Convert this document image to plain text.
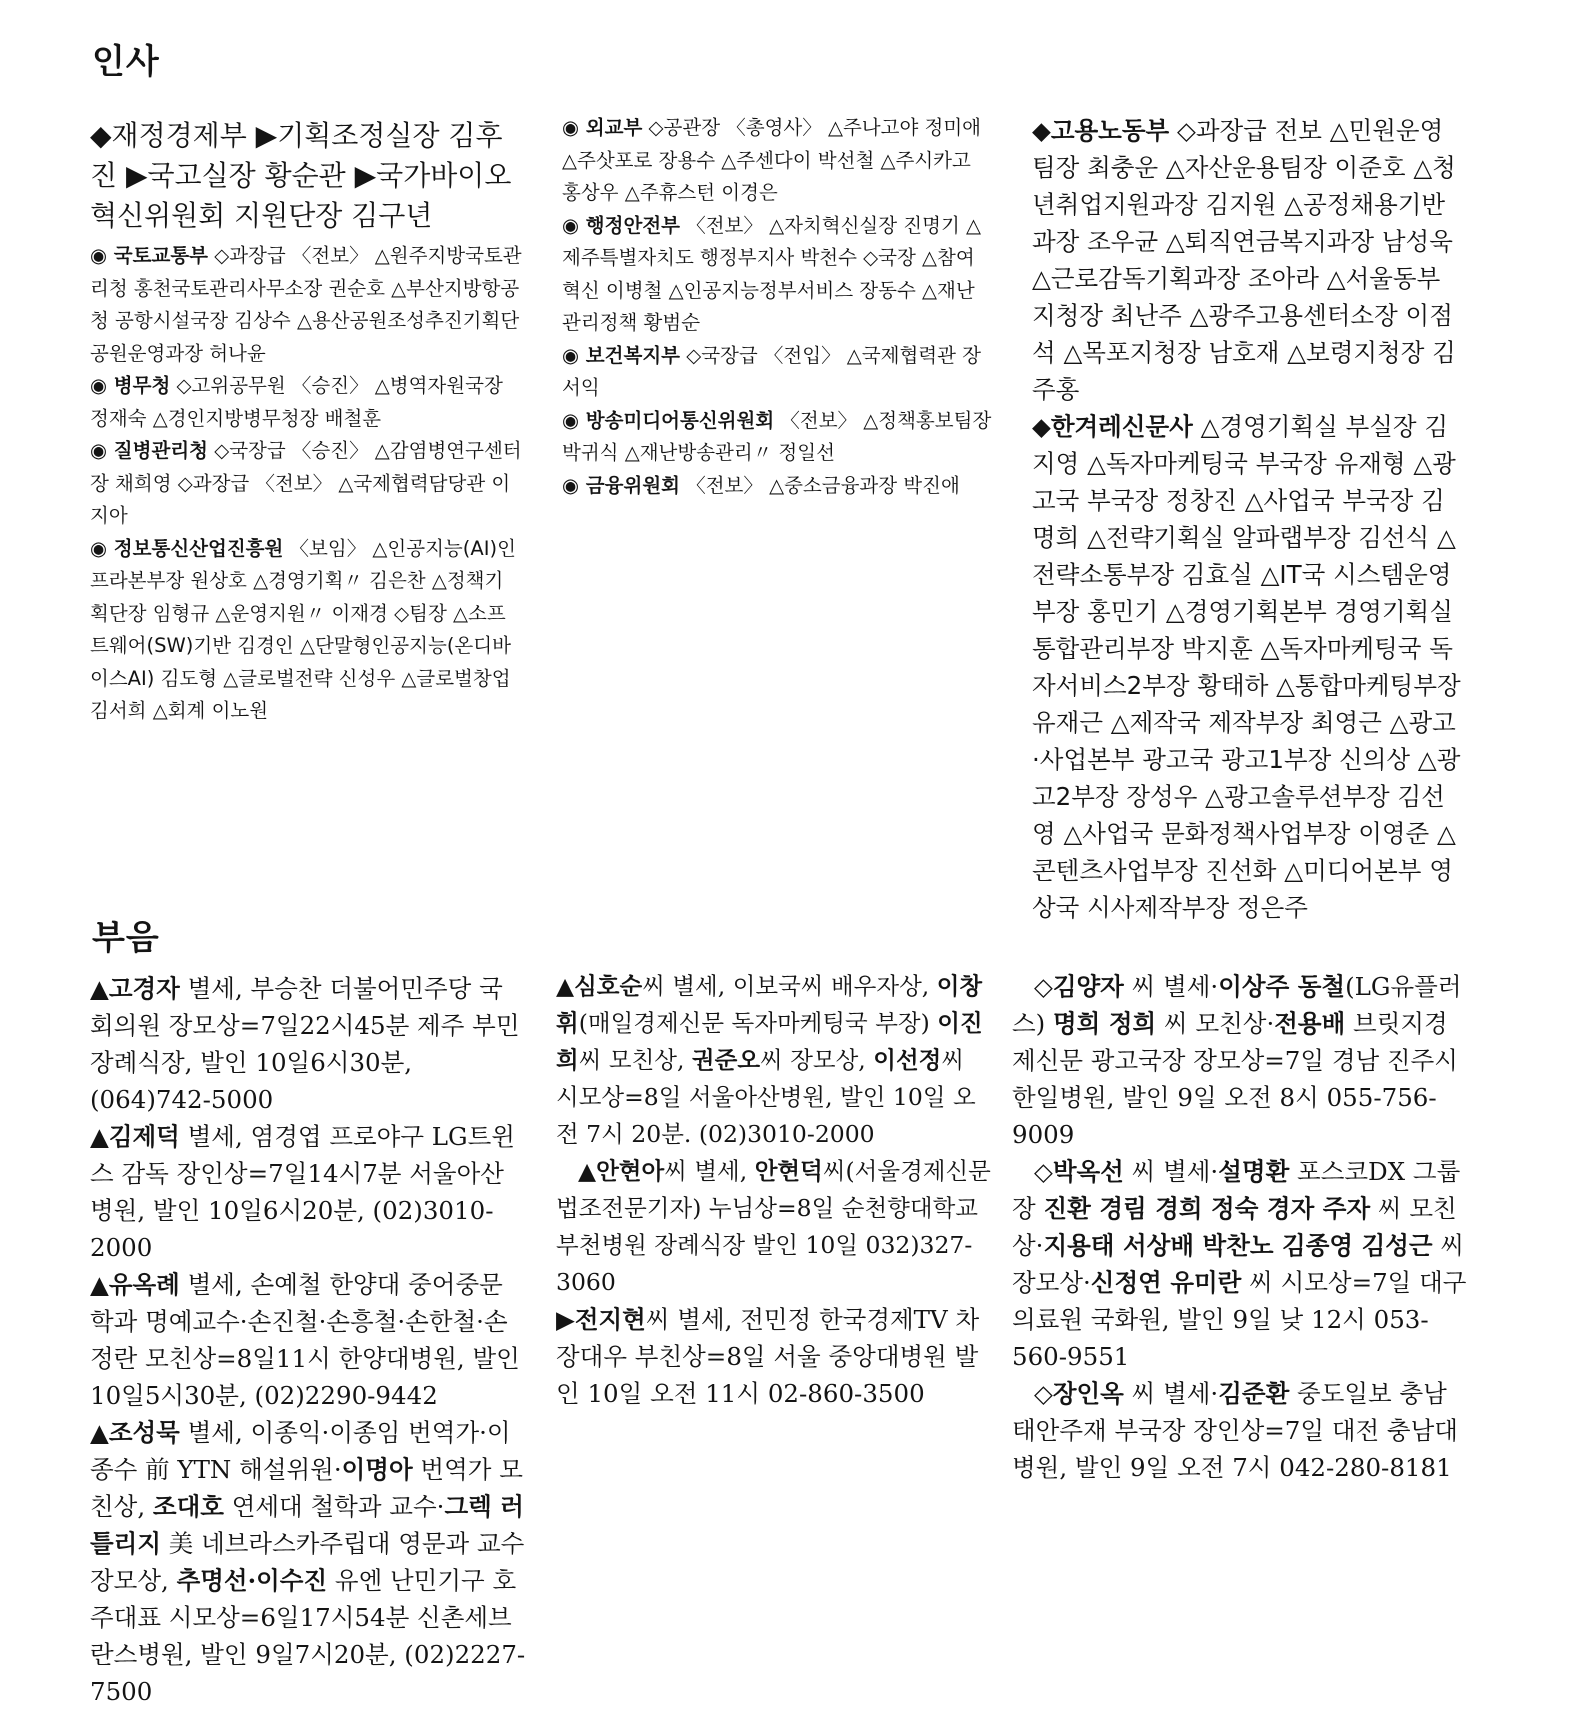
인사

◆재정경제부 ▶기획조정실장 김후진 ▶국고실장 황순관 ▶국가바이오혁신위원회 지원단장 김구년

◉ 국토교통부 ◇과장급 〈전보〉 △원주지방국토관리청 홍천국토관리사무소장 권순호 △부산지방항공청 공항시설국장 김상수 △용산공원조성추진기획단 공원운영과장 허나윤

◉ 병무청 ◇고위공무원 〈승진〉 △병역자원국장 정재숙 △경인지방병무청장 배철훈

◉ 질병관리청 ◇국장급 〈승진〉 △감염병연구센터장 채희영 ◇과장급 〈전보〉 △국제협력담당관 이지아

◉ 정보통신산업진흥원 〈보임〉 △인공지능(AI)인프라본부장 원상호 △경영기획〃 김은찬 △정책기획단장 임형규 △운영지원〃 이재경 ◇팀장 △소프트웨어(SW)기반 김경인 △단말형인공지능(온디바이스AI) 김도형 △글로벌전략 신성우 △글로벌창업 김서희 △회계 이노원

◉ 외교부 ◇공관장 〈총영사〉 △주나고야 정미애 △주삿포로 장용수 △주센다이 박선철 △주시카고 홍상우 △주휴스턴 이경은

◉ 행정안전부 〈전보〉 △자치혁신실장 진명기 △제주특별자치도 행정부지사 박천수 ◇국장 △참여혁신 이병철 △인공지능정부서비스 장동수 △재난관리정책 황범순

◉ 보건복지부 ◇국장급 〈전입〉 △국제협력관 장서익

◉ 방송미디어통신위원회 〈전보〉 △정책홍보팀장 박귀식 △재난방송관리〃 정일선

◉ 금융위원회 〈전보〉 △중소금융과장 박진애

◆고용노동부 ◇과장급 전보 △민원운영팀장 최충운 △자산운용팀장 이준호 △청년취업지원과장 김지원 △공정채용기반과장 조우균 △퇴직연금복지과장 남성욱 △근로감독기획과장 조아라 △서울동부지청장 최난주 △광주고용센터소장 이점석 △목포지청장 남호재 △보령지청장 김주홍

◆한겨레신문사 △경영기획실 부실장 김지영 △독자마케팅국 부국장 유재형 △광고국 부국장 정창진 △사업국 부국장 김명희 △전략기획실 알파랩부장 김선식 △전략소통부장 김효실 △IT국 시스템운영부장 홍민기 △경영기획본부 경영기획실 통합관리부장 박지훈 △독자마케팅국 독자서비스2부장 황태하 △통합마케팅부장 유재근 △제작국 제작부장 최영근 △광고·사업본부 광고국 광고1부장 신의상 △광고2부장 장성우 △광고솔루션부장 김선영 △사업국 문화정책사업부장 이영준 △콘텐츠사업부장 진선화 △미디어본부 영상국 시사제작부장 정은주

부음

▲고경자 별세, 부승찬 더불어민주당 국회의원 장모상=7일22시45분 제주 부민장례식장, 발인 10일6시30분, (064)742-5000

▲김제덕 별세, 염경엽 프로야구 LG트윈스 감독 장인상=7일14시7분 서울아산병원, 발인 10일6시20분, (02)3010-2000

▲유옥례 별세, 손예철 한양대 중어중문학과 명예교수·손진철·손흥철·손한철·손정란 모친상=8일11시 한양대병원, 발인 10일5시30분, (02)2290-9442

▲조성묵 별세, 이종익·이종임 번역가·이종수 前 YTN 해설위원·이명아 번역가 모친상, 조대호 연세대 철학과 교수·그렉 러틀리지 美 네브라스카주립대 영문과 교수 장모상, 추명선·이수진 유엔 난민기구 호주대표 시모상=6일17시54분 신촌세브란스병원, 발인 9일7시20분, (02)2227-7500

▲심호순씨 별세, 이보국씨 배우자상, 이창휘(매일경제신문 독자마케팅국 부장) 이진희씨 모친상, 권준오씨 장모상, 이선정씨 시모상=8일 서울아산병원, 발인 10일 오전 7시 20분. (02)3010-2000

▲안현아씨 별세, 안현덕씨(서울경제신문 법조전문기자) 누님상=8일 순천향대학교 부천병원 장례식장 발인 10일 032)327-3060

▶전지현씨 별세, 전민정 한국경제TV 차장대우 부친상=8일 서울 중앙대병원 발인 10일 오전 11시 02-860-3500

◇김양자 씨 별세·이상주 동철(LG유플러스) 명희 정희 씨 모친상·전용배 브릿지경제신문 광고국장 장모상=7일 경남 진주시 한일병원, 발인 9일 오전 8시 055-756-9009

◇박옥선 씨 별세·설명환 포스코DX 그룹장 진환 경림 경희 정숙 경자 주자 씨 모친상·지용태 서상배 박찬노 김종영 김성근 씨 장모상·신정연 유미란 씨 시모상=7일 대구의료원 국화원, 발인 9일 낮 12시 053-560-9551

◇장인옥 씨 별세·김준환 중도일보 충남 태안주재 부국장 장인상=7일 대전 충남대병원, 발인 9일 오전 7시 042-280-8181
